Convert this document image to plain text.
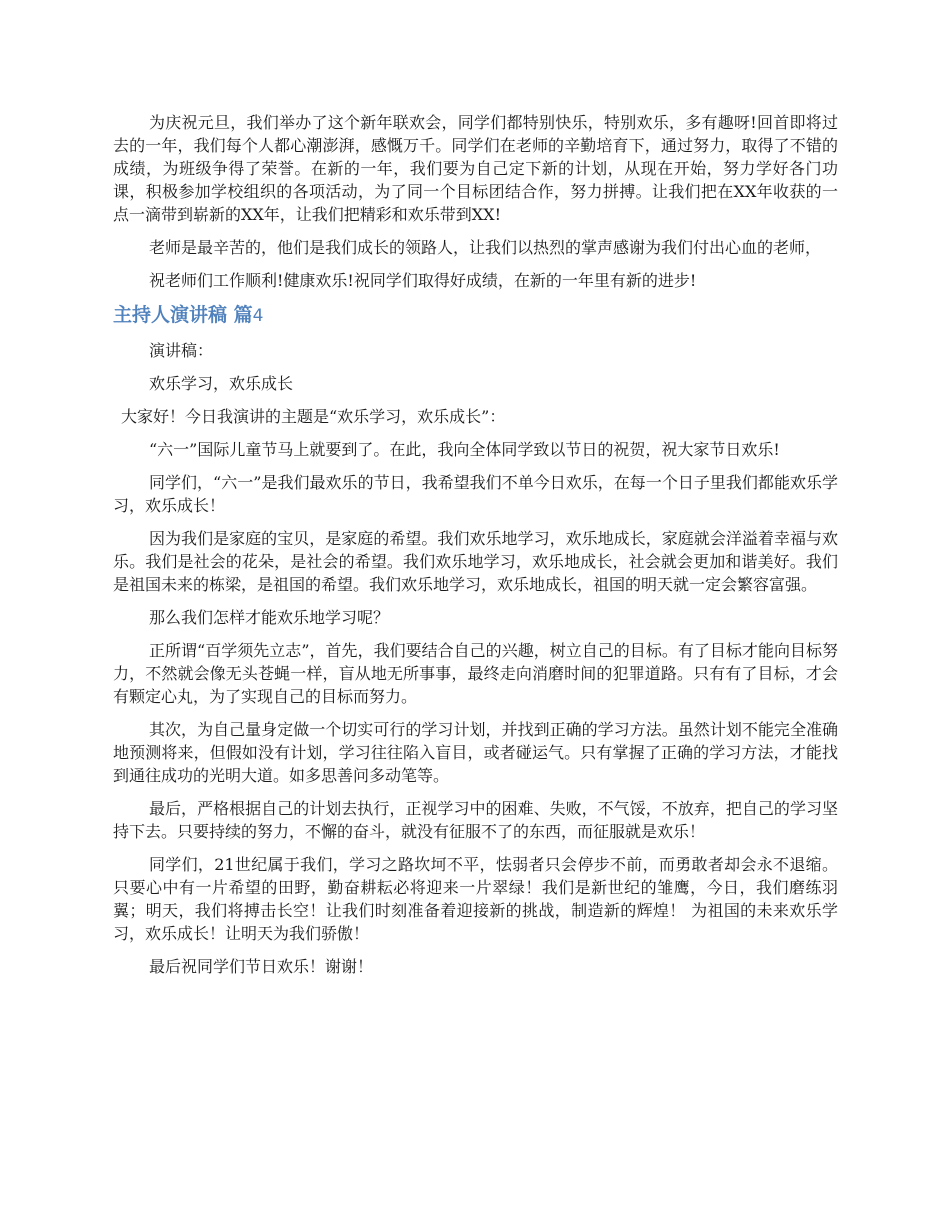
为庆祝元旦，我们举办了这个新年联欢会，同学们都特别快乐，特别欢乐，多有趣呀!回首即将过去的一年，我们每个人都心潮澎湃，感慨万千。同学们在老师的辛勤培育下，通过努力，取得了不错的成绩，为班级争得了荣誉。在新的一年，我们要为自己定下新的计划，从现在开始，努力学好各门功课，积极参加学校组织的各项活动，为了同一个目标团结合作，努力拼搏。让我们把在XX年收获的一点一滴带到崭新的XX年，让我们把精彩和欢乐带到XX!

老师是最辛苦的，他们是我们成长的领路人，让我们以热烈的掌声感谢为我们付出心血的老师，

祝老师们工作顺利!健康欢乐!祝同学们取得好成绩，在新的一年里有新的进步!

主持人演讲稿 篇4

演讲稿：

欢乐学习，欢乐成长

大家好！今日我演讲的主题是“欢乐学习，欢乐成长”：

“六一”国际儿童节马上就要到了。在此，我向全体同学致以节日的祝贺，祝大家节日欢乐!

同学们，“六一”是我们最欢乐的节日，我希望我们不单今日欢乐，在每一个日子里我们都能欢乐学习，欢乐成长！

因为我们是家庭的宝贝，是家庭的希望。我们欢乐地学习，欢乐地成长，家庭就会洋溢着幸福与欢乐。我们是社会的花朵，是社会的希望。我们欢乐地学习，欢乐地成长，社会就会更加和谐美好。我们是祖国未来的栋梁，是祖国的希望。我们欢乐地学习，欢乐地成长，祖国的明天就一定会繁容富强。

那么我们怎样才能欢乐地学习呢？

正所谓“百学须先立志”，首先，我们要结合自己的兴趣，树立自己的目标。有了目标才能向目标努力，不然就会像无头苍蝇一样，盲从地无所事事，最终走向消磨时间的犯罪道路。只有有了目标，才会有颗定心丸，为了实现自己的目标而努力。

其次，为自己量身定做一个切实可行的学习计划，并找到正确的学习方法。虽然计划不能完全准确地预测将来，但假如没有计划，学习往往陷入盲目，或者碰运气。只有掌握了正确的学习方法，才能找到通往成功的光明大道。如多思善问多动笔等。

最后，严格根据自己的计划去执行，正视学习中的困难、失败，不气馁，不放弃，把自己的学习坚持下去。只要持续的努力，不懈的奋斗，就没有征服不了的东西，而征服就是欢乐！

同学们，21世纪属于我们，学习之路坎坷不平，怯弱者只会停步不前，而勇敢者却会永不退缩。只要心中有一片希望的田野，勤奋耕耘必将迎来一片翠绿！我们是新世纪的雏鹰，今日，我们磨练羽翼；明天，我们将搏击长空！让我们时刻准备着迎接新的挑战，制造新的辉煌！ 为祖国的未来欢乐学习，欢乐成长！让明天为我们骄傲！

最后祝同学们节日欢乐！谢谢！
